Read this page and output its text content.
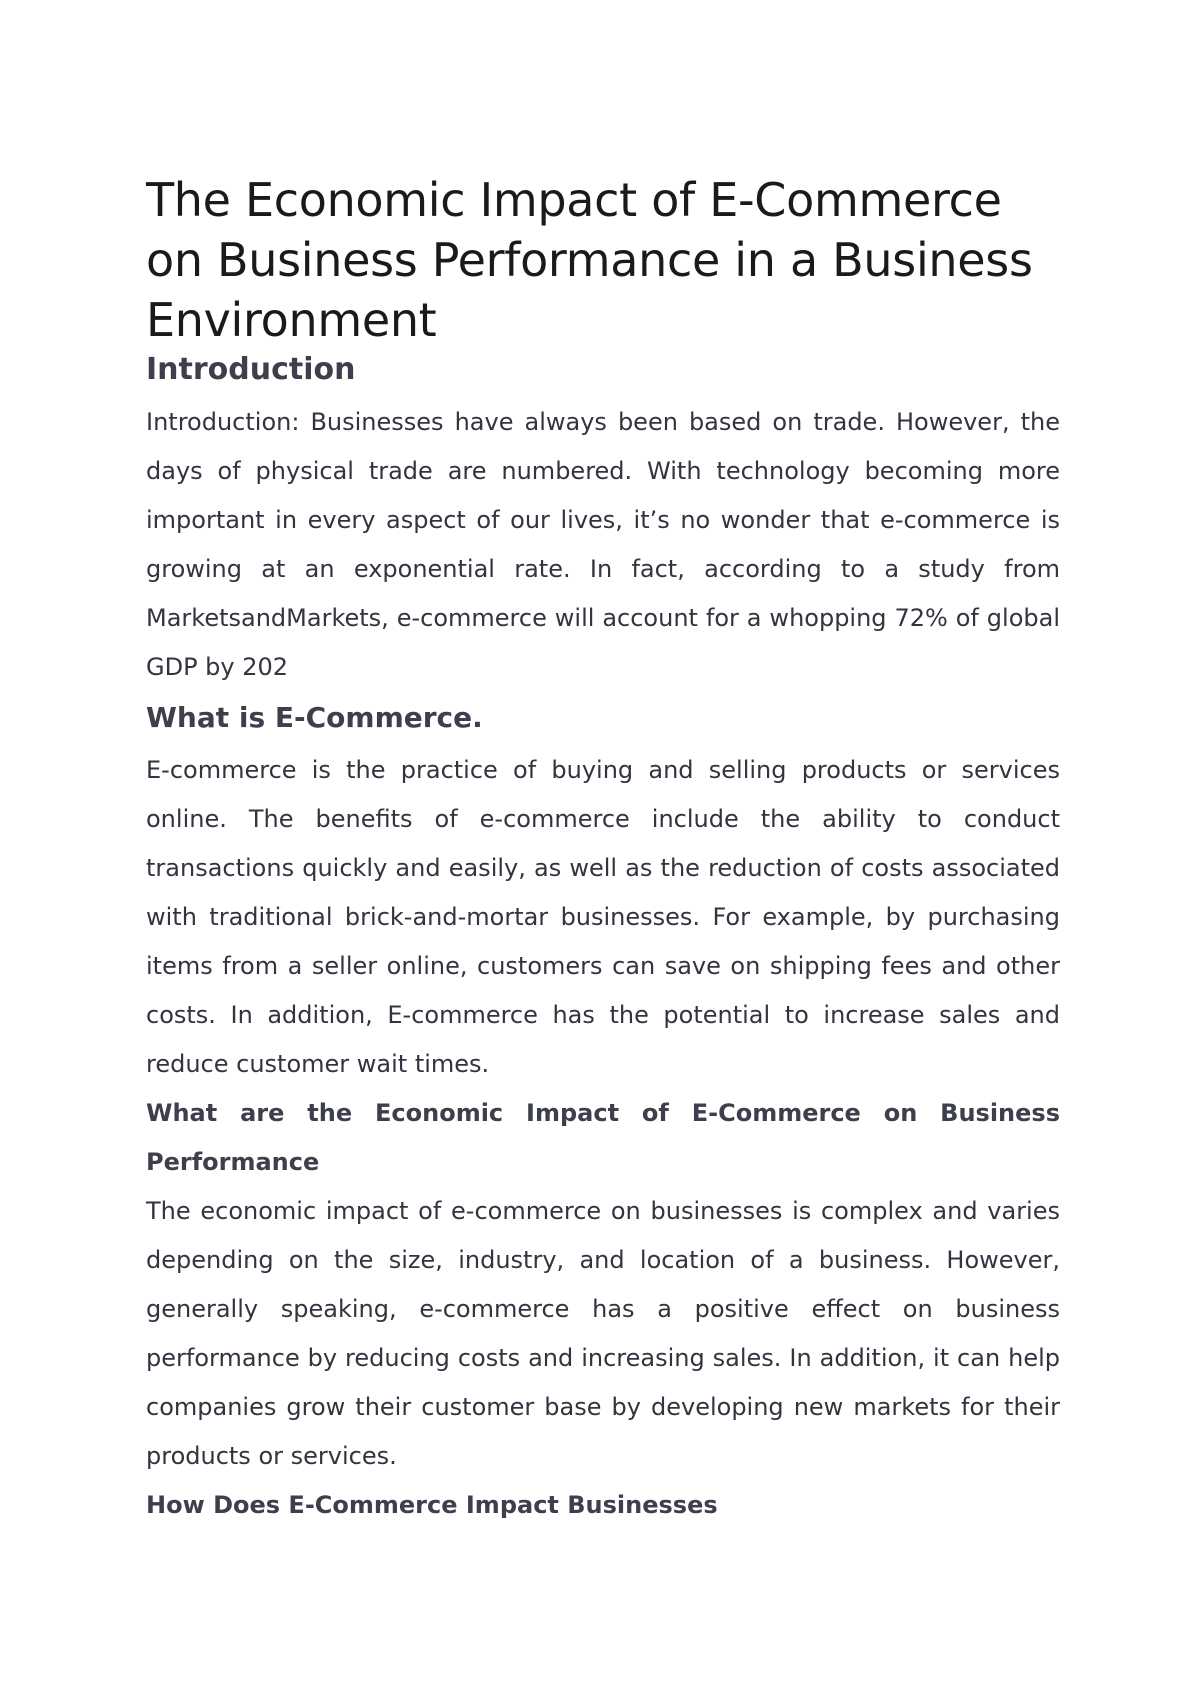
The Economic Impact of E-Commerce on Business Performance in a Business Environment
Introduction

Introduction: Businesses have always been based on trade. However, the days of physical trade are numbered. With technology becoming more important in every aspect of our lives, it’s no wonder that e-commerce is growing at an exponential rate. In fact, according to a study from MarketsandMarkets, e-commerce will account for a whopping 72% of global GDP by 202

What is E-Commerce.

E-commerce is the practice of buying and selling products or services online. The benefits of e-commerce include the ability to conduct transactions quickly and easily, as well as the reduction of costs associated with traditional brick-and-mortar businesses. For example, by purchasing items from a seller online, customers can save on shipping fees and other costs. In addition, E-commerce has the potential to increase sales and reduce customer wait times.

What are the Economic Impact of E-Commerce on Business Performance

The economic impact of e-commerce on businesses is complex and varies depending on the size, industry, and location of a business. However, generally speaking, e-commerce has a positive effect on business performance by reducing costs and increasing sales. In addition, it can help companies grow their customer base by developing new markets for their products or services.

How Does E-Commerce Impact Businesses
